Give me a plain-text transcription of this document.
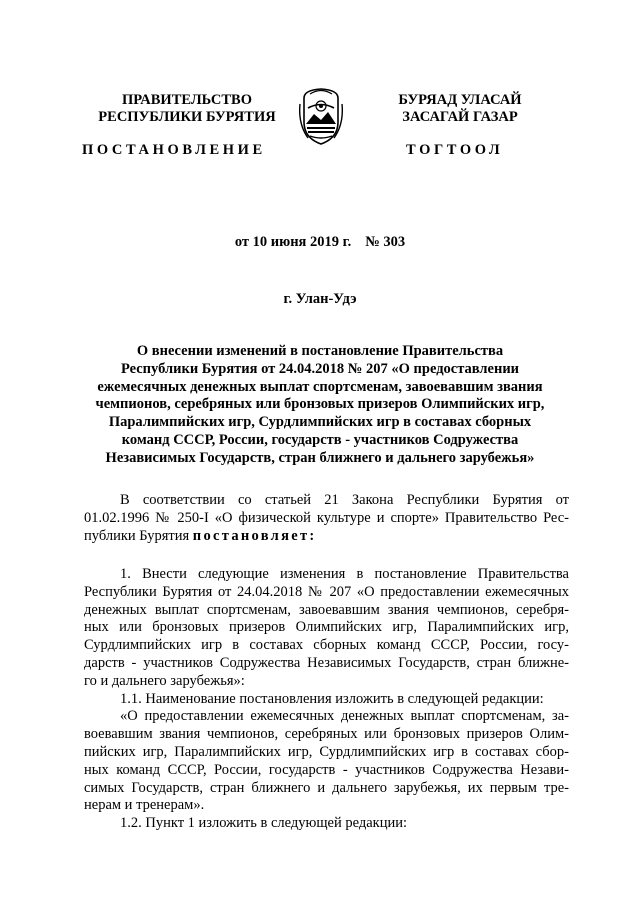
ПРАВИТЕЛЬСТВО
РЕСПУБЛИКИ БУРЯТИЯ
БУРЯАД УЛАСАЙ
ЗАСАГАЙ ГАЗАР
ПОСТАНОВЛЕНИЕ	ТОГТООЛ
от 10 июня 2019 г. № 303
г. Улан-Удэ
О внесении изменений в постановление Правительства
Республики Бурятия от 24.04.2018 № 207 «О предоставлении
ежемесячных денежных выплат спортсменам, завоевавшим звания
чемпионов, серебряных или бронзовых призеров Олимпийских игр,
Паралимпийских игр, Сурдлимпийских игр в составах сборных
команд СССР, России, государств - участников Содружества
Независимых Государств, стран ближнего и дальнего зарубежья»
В соответствии со статьей 21 Закона Республики Бурятия от
01.02.1996 № 250-I «О физической культуре и спорте» Правительство Рес-
публики Бурятия постановляет:
1. Внести следующие изменения в постановление Правительства
Республики Бурятия от 24.04.2018 № 207 «О предоставлении ежемесячных
денежных выплат спортсменам, завоевавшим звания чемпионов, серебря-
ных или бронзовых призеров Олимпийских игр, Паралимпийских игр,
Сурдлимпийских игр в составах сборных команд СССР, России, госу-
дарств - участников Содружества Независимых Государств, стран ближне-
го и дальнего зарубежья»:
1.1. Наименование постановления изложить в следующей редакции:
«О предоставлении ежемесячных денежных выплат спортсменам, за-
воевавшим звания чемпионов, серебряных или бронзовых призеров Олим-
пийских игр, Паралимпийских игр, Сурдлимпийских игр в составах сбор-
ных команд СССР, России, государств - участников Содружества Незави-
симых Государств, стран ближнего и дальнего зарубежья, их первым тре-
нерам и тренерам».
1.2. Пункт 1 изложить в следующей редакции:
